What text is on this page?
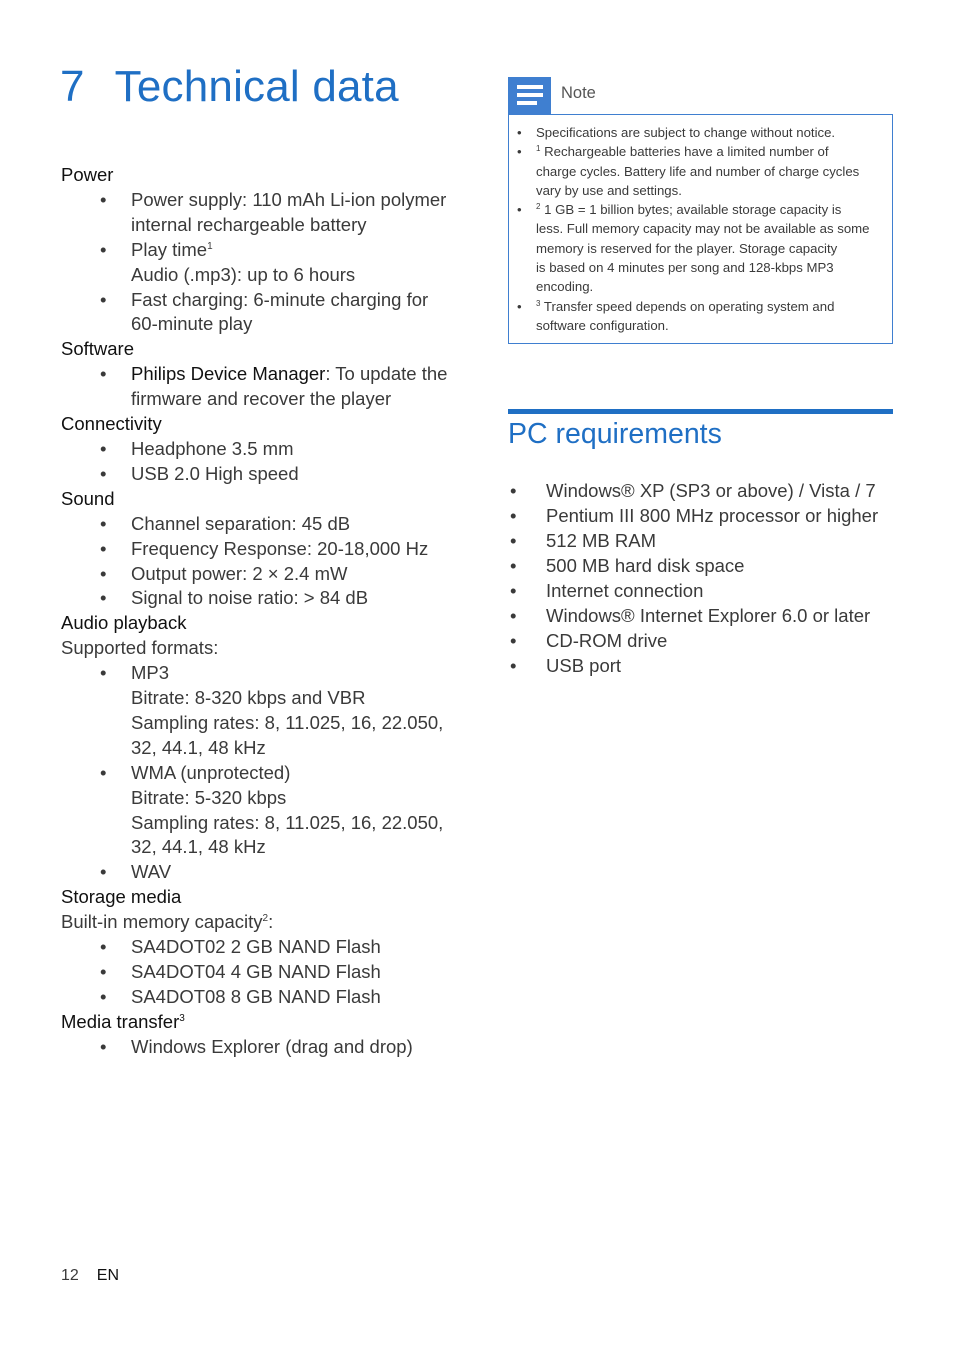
7 Technical data
Power
• Power supply: 110 mAh Li-ion polymer
internal rechargeable battery
• Play time$^1$
Audio (.mp3): up to 6 hours
• Fast charging: 6-minute charging for
60-minute play
Software
• Philips Device Manager: To update the
firmware and recover the player
Connectivity
• Headphone 3.5 mm
• USB 2.0 High speed
Sound
• Channel separation: 45 dB
• Frequency Response: 20-18,000 Hz
• Output power: 2 × 2.4 mW
• Signal to noise ratio: > 84 dB
Audio playback
Supported formats:
• MP3
Bitrate: 8-320 kbps and VBR
Sampling rates: 8, 11.025, 16, 22.050,
32, 44.1, 48 kHz
• WMA (unprotected)
Bitrate: 5-320 kbps
Sampling rates: 8, 11.025, 16, 22.050,
32, 44.1, 48 kHz
• WAV
Storage media
Built-in memory capacity$^2$:
• SA4DOT02 2 GB NAND Flash
• SA4DOT04 4 GB NAND Flash
• SA4DOT08 8 GB NAND Flash
Media transfer$^3$
• Windows Explorer (drag and drop)
Note
• Specifications are subject to change without notice.
• $^1$ Rechargeable batteries have a limited number of
charge cycles. Battery life and number of charge cycles
vary by use and settings.
• $^2$ 1 GB = 1 billion bytes; available storage capacity is
less. Full memory capacity may not be available as some
memory is reserved for the player. Storage capacity
is based on 4 minutes per song and 128-kbps MP3
encoding.
• $^3$ Transfer speed depends on operating system and
software configuration.
PC requirements
• Windows® XP (SP3 or above) / Vista / 7
• Pentium III 800 MHz processor or higher
• 512 MB RAM
• 500 MB hard disk space
• Internet connection
• Windows® Internet Explorer 6.0 or later
• CD-ROM drive
• USB port
12 EN
